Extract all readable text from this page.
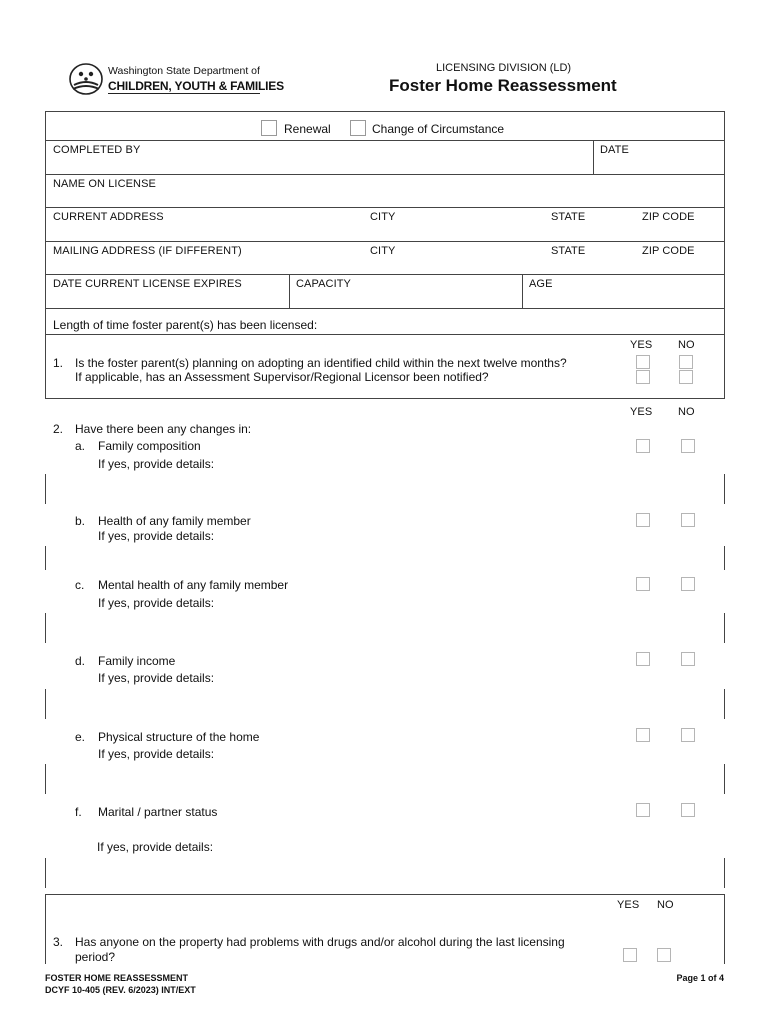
Washington State Department of
CHILDREN, YOUTH & FAMILIES
LICENSING DIVISION (LD)
Foster Home Reassessment
Renewal	Change of Circumstance
COMPLETED BY	DATE
NAME ON LICENSE
CURRENT ADDRESS	CITY	STATE	ZIP CODE
MAILING ADDRESS (IF DIFFERENT)	CITY	STATE	ZIP CODE
DATE CURRENT LICENSE EXPIRES	CAPACITY	AGE
Length of time foster parent(s) has been licensed:
YES NO
1. Is the foster parent(s) planning on adopting an identified child within the next twelve months?
If applicable, has an Assessment Supervisor/Regional Licensor been notified?
YES NO
2. Have there been any changes in:
a. Family composition
If yes, provide details:
b. Health of any family member
If yes, provide details:
c. Mental health of any family member
If yes, provide details:
d. Family income
If yes, provide details:
e. Physical structure of the home
If yes, provide details:
f. Marital / partner status
If yes, provide details:
YES NO
3. Has anyone on the property had problems with drugs and/or alcohol during the last licensing
period?
FOSTER HOME REASSESSMENT
DCYF 10-405 (REV. 6/2023) INT/EXT
Page 1 of 4
